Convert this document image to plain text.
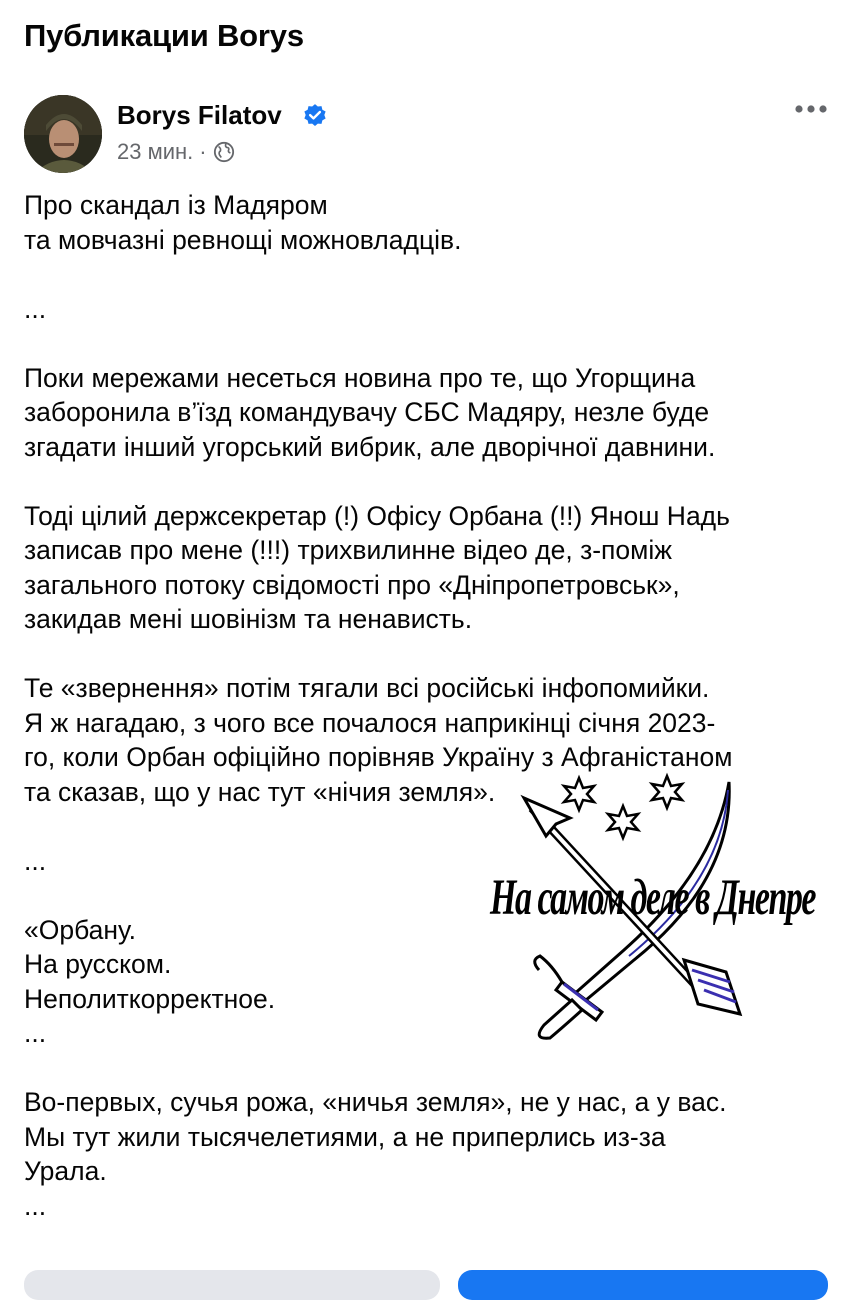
Публикации Borys
Borys Filatov
23 мин. ·

Про скандал із Мадяром
та мовчазні ревнощі можновладців.

...

Поки мережами несеться новина про те, що Угорщина
заборонила в’їзд командувачу СБС Мадяру, незле буде
згадати інший угорський вибрик, але дворічної давнини.

Тоді цілий держсекретар (!) Офісу Орбана (!!) Янош Надь
записав про мене (!!!) трихвилинне відео де, з-поміж
загального потоку свідомості про «Дніпропетровськ»,
закидав мені шовінізм та ненависть.

Те «звернення» потім тягали всі російські інфопомийки.
Я ж нагадаю, з чого все почалося наприкінці січня 2023-
го, коли Орбан офіційно порівняв Україну з Афганістаном
та сказав, що у нас тут «нічия земля».

...

«Орбану.
На русском.
Неполиткорректное.
...

Во-первых, сучья рожа, «ничья земля», не у нас, а у вас.
Мы тут жили тысячелетиями, а не приперлись из-за
Урала.
...

На самом деле в Днепре
